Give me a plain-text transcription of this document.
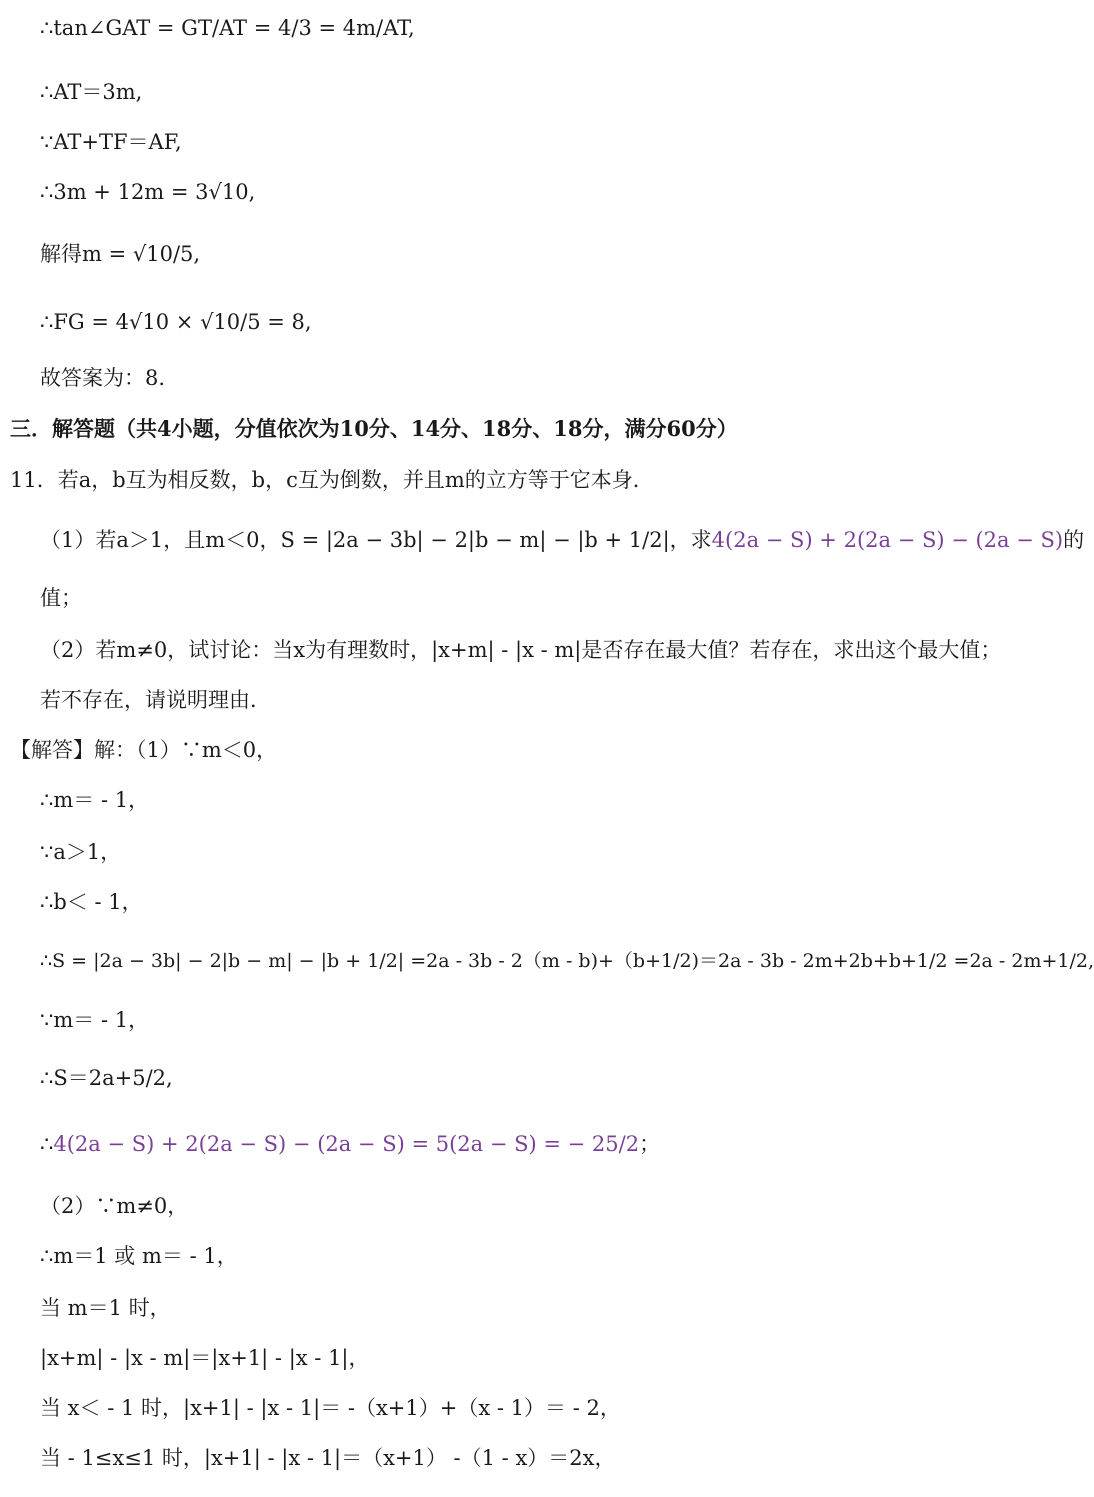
∴tan∠GAT = GT/AT = 4/3 = 4m/AT,
∴AT＝3m,
∵AT+TF＝AF,
∴3m + 12m = 3√10,
解得m = √10/5,
∴FG = 4√10 × √10/5 = 8,
故答案为：8.
三．解答题（共4小题，分值依次为10分、14分、18分、18分，满分60分）
11．若a，b互为相反数，b，c互为倒数，并且m的立方等于它本身．
（1）若a＞1，且m＜0，S = |2a − 3b| − 2|b − m| − |b + 1/2|，求4(2a − S) + 2(2a − S) − (2a − S)的
值；
（2）若m≠0，试讨论：当x为有理数时，|x+m| - |x - m|是否存在最大值？若存在，求出这个最大值；
若不存在，请说明理由．
【解答】解：（1）∵m＜0，
∴m＝ - 1，
∵a＞1，
∴b＜ - 1，
∴S = |2a − 3b| − 2|b − m| − |b + 1/2| =2a - 3b - 2（m - b)+（b+1/2)＝2a - 3b - 2m+2b+b+1/2 =2a - 2m+1/2,
∵m＝ - 1，
∴S＝2a+5/2,
∴4(2a − S) + 2(2a − S) − (2a − S) = 5(2a − S) = − 25/2；
（2）∵m≠0，
∴m＝1 或 m＝ - 1，
当 m＝1 时，
|x+m| - |x - m|＝|x+1| - |x - 1|，
当 x＜ - 1 时，|x+1| - |x - 1|＝ -（x+1）+（x - 1）＝ - 2，
当 - 1≤x≤1 时，|x+1| - |x - 1|＝（x+1） -（1 - x）＝2x，
